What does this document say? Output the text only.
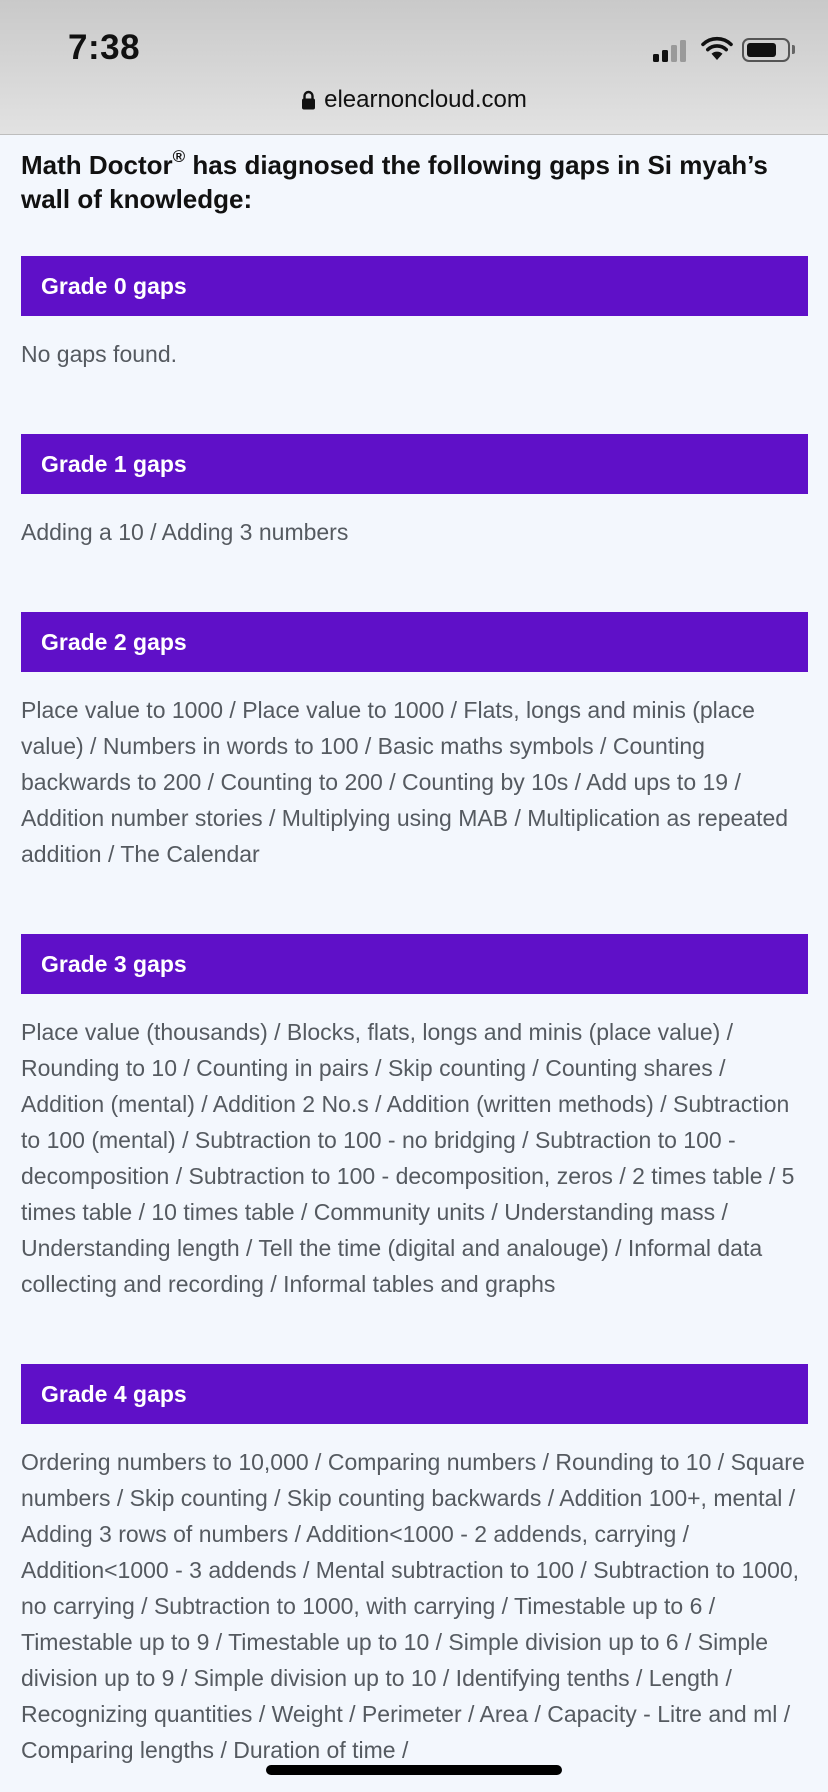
7:38
elearnoncloud.com
Math Doctor® has diagnosed the following gaps in Si myah’s wall of knowledge:
Grade 0 gaps

No gaps found.

Grade 1 gaps

Adding a 10 / Adding 3 numbers

Grade 2 gaps

Place value to 1000 / Place value to 1000 / Flats, longs and minis (place value) / Numbers in words to 100 / Basic maths symbols / Counting backwards to 200 / Counting to 200 / Counting by 10s / Add ups to 19 / Addition number stories / Multiplying using MAB / Multiplication as repeated addition / The Calendar

Grade 3 gaps

Place value (thousands) / Blocks, flats, longs and minis (place value) / Rounding to 10 / Counting in pairs / Skip counting / Counting shares / Addition (mental) / Addition 2 No.s / Addition (written methods) / Subtraction to 100 (mental) / Subtraction to 100 - no bridging / Subtraction to 100 - decomposition / Subtraction to 100 - decomposition, zeros / 2 times table / 5 times table / 10 times table / Community units / Understanding mass / Understanding length / Tell the time (digital and analouge) / Informal data collecting and recording / Informal tables and graphs

Grade 4 gaps

Ordering numbers to 10,000 / Comparing numbers / Rounding to 10 / Square numbers / Skip counting / Skip counting backwards / Addition 100+, mental / Adding 3 rows of numbers / Addition<1000 - 2 addends, carrying / Addition<1000 - 3 addends / Mental subtraction to 100 / Subtraction to 1000, no carrying / Subtraction to 1000, with carrying / Timestable up to 6 / Timestable up to 9 / Timestable up to 10 / Simple division up to 6 / Simple division up to 9 / Simple division up to 10 / Identifying tenths / Length / Recognizing quantities / Weight / Perimeter / Area / Capacity - Litre and ml / Comparing lengths / Duration of time /
